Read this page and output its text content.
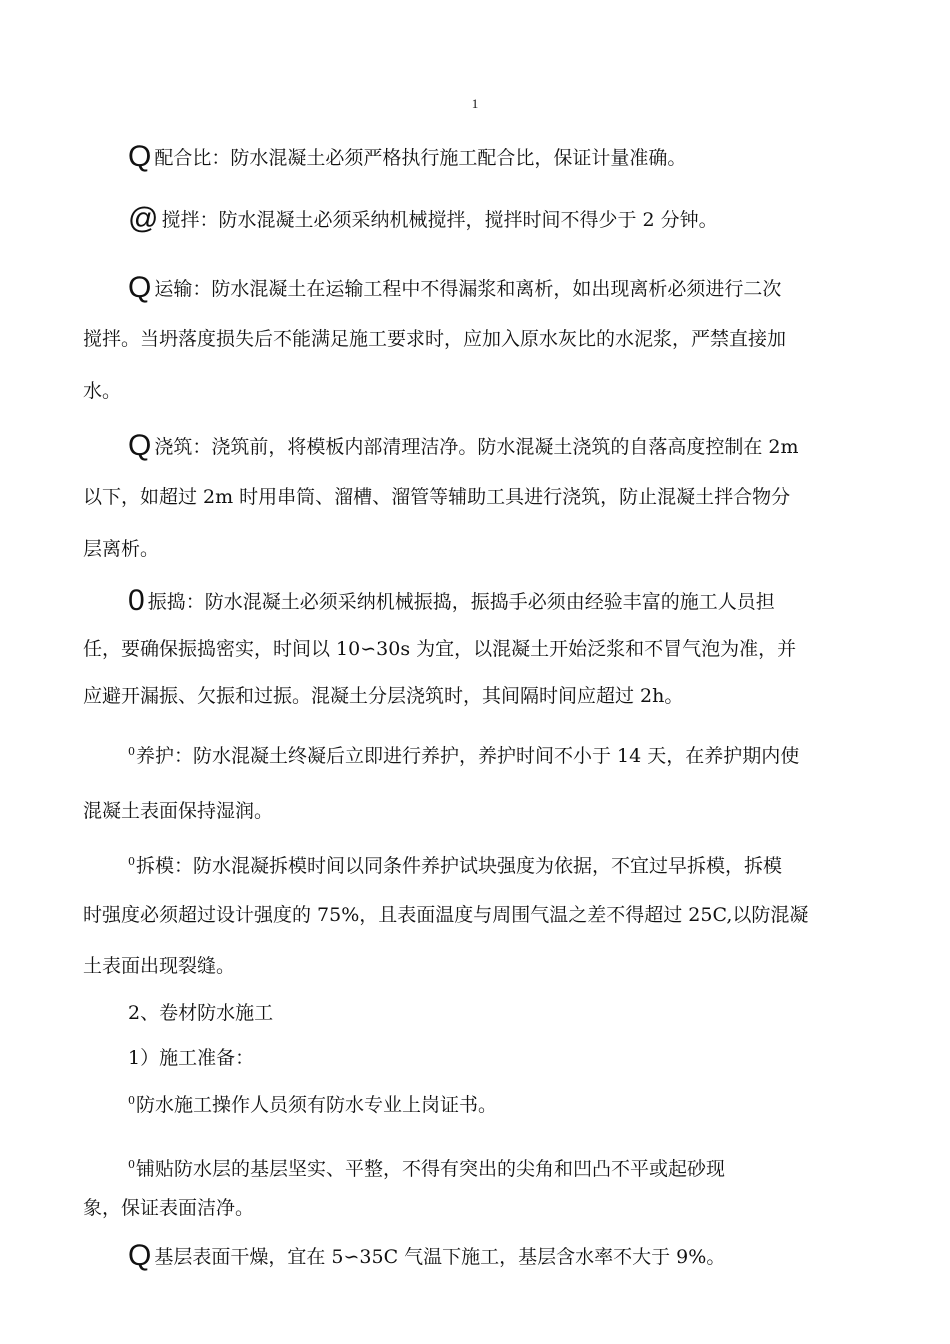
1
Q配合比：防水混凝土必须严格执行施工配合比，保证计量准确。
@ 搅拌：防水混凝土必须采纳机械搅拌，搅拌时间不得少于 2 分钟。
Q运输：防水混凝土在运输工程中不得漏浆和离析，如出现离析必须进行二次
搅拌。当坍落度损失后不能满足施工要求时，应加入原水灰比的水泥浆，严禁直接加
水。
Q浇筑：浇筑前，将模板内部清理洁净。防水混凝土浇筑的自落高度控制在 2m
以下，如超过 2m 时用串筒、溜槽、溜管等辅助工具进行浇筑，防止混凝土拌合物分
层离析。
0 振捣：防水混凝土必须采纳机械振捣，振捣手必须由经验丰富的施工人员担
任，要确保振捣密实，时间以 10∽30s 为宜，以混凝土开始泛浆和不冒气泡为准，并
应避开漏振、欠振和过振。混凝土分层浇筑时，其间隔时间应超过 2h。
$^0$养护：防水混凝土终凝后立即进行养护，养护时间不小于 14 天，在养护期内使
混凝土表面保持湿润。
$^0$拆模：防水混凝拆模时间以同条件养护试块强度为依据，不宜过早拆模，拆模
时强度必须超过设计强度的 75%，且表面温度与周围气温之差不得超过 25C,以防混凝
土表面出现裂缝。
2、卷材防水施工
1）施工准备：
$^0$防水施工操作人员须有防水专业上岗证书。
$^0$铺贴防水层的基层坚实、平整，不得有突出的尖角和凹凸不平或起砂现
象，保证表面洁净。
Q基层表面干燥，宜在 5∽35C 气温下施工，基层含水率不大于 9%。
